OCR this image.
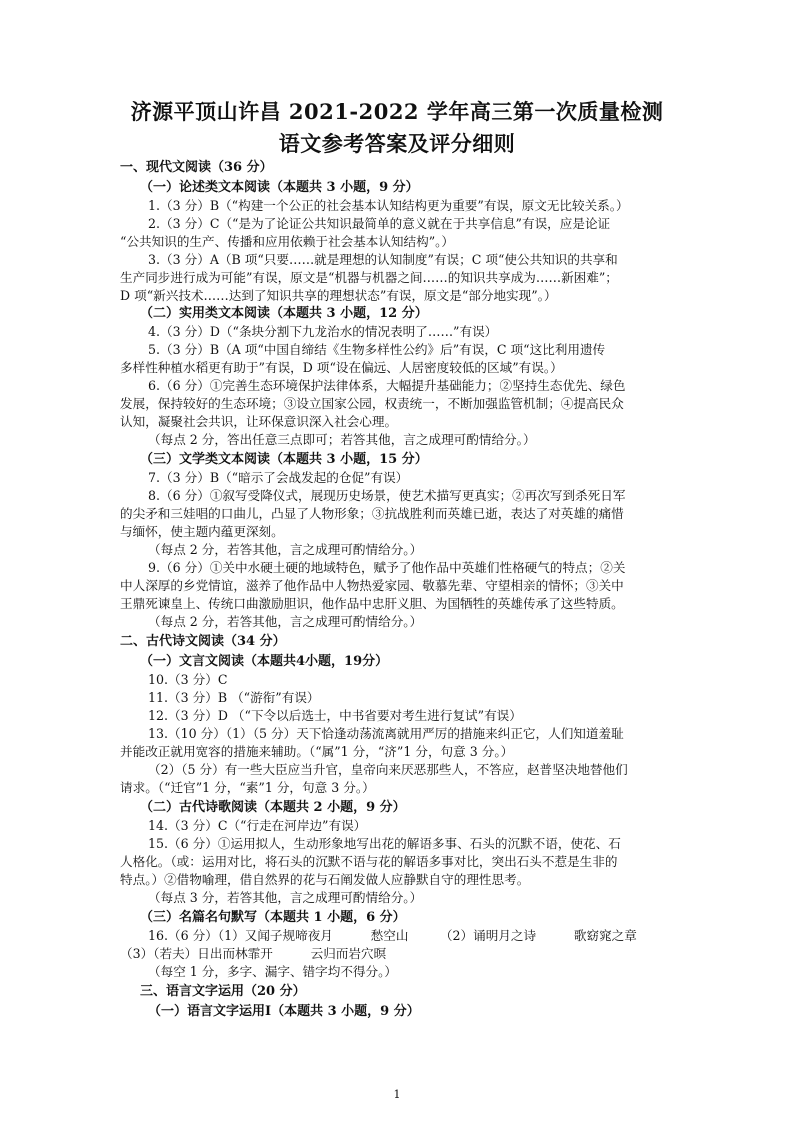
济源平顶山许昌 2021-2022 学年高三第一次质量检测
语文参考答案及评分细则
一、现代文阅读（36 分）
（一）论述类文本阅读（本题共 3 小题，9 分）
1.（3 分）B（“构建一个公正的社会基本认知结构更为重要”有误，原文无比较关系。）
2.（3 分）C（“是为了论证公共知识最简单的意义就在于共享信息”有误，应是论证
“公共知识的生产、传播和应用依赖于社会基本认知结构”。）
3.（3 分）A（B 项“只要……就是理想的认知制度”有误；C 项“使公共知识的共享和
生产同步进行成为可能”有误，原文是“机器与机器之间……的知识共享成为……新困难”；
D 项“新兴技术……达到了知识共享的理想状态”有误，原文是“部分地实现”。）
（二）实用类文本阅读（本题共 3 小题，12 分）
4.（3 分）D（“条块分割下九龙治水的情况表明了……”有误）
5.（3 分）B（A 项“中国自缔结《生物多样性公约》后”有误，C 项“这比利用遗传
多样性种植水稻更有助于”有误，D 项“设在偏远、人居密度较低的区域”有误。）
6.（6 分）①完善生态环境保护法律体系，大幅提升基础能力；②坚持生态优先、绿色
发展，保持较好的生态环境；③设立国家公园，权责统一，不断加强监管机制；④提高民众
认知，凝聚社会共识，让环保意识深入社会心理。
（每点 2 分，答出任意三点即可；若答其他，言之成理可酌情给分。）
（三）文学类文本阅读（本题共 3 小题，15 分）
7.（3 分）B（“暗示了会战发起的仓促”有误）
8.（6 分）①叙写受降仪式，展现历史场景，使艺术描写更真实；②再次写到杀死日军
的尖矛和三娃唱的口曲儿，凸显了人物形象；③抗战胜利而英雄已逝，表达了对英雄的痛惜
与缅怀，使主题内蕴更深刻。
（每点 2 分，若答其他，言之成理可酌情给分。）
9.（6 分）①关中水硬土硬的地域特色，赋予了他作品中英雄们性格硬气的特点；②关
中人深厚的乡党情谊，滋养了他作品中人物热爱家园、敬慕先辈、守望相亲的情怀；③关中
王鼎死谏皇上、传统口曲激励胆识，他作品中忠肝义胆、为国牺牲的英雄传承了这些特质。
（每点 2 分，若答其他，言之成理可酌情给分。）
二、古代诗文阅读（34 分）
（一）文言文阅读（本题共4小题，19分）
10.（3 分）C
11.（3 分）B （“游衔”有误）
12.（3 分）D （“下令以后选士，中书省要对考生进行复试”有误）
13.（10 分）（1）（5 分）天下恰逢动荡流离就用严厉的措施来纠正它，人们知道羞耻
并能改正就用宽容的措施来辅助。（“属”1 分，“济”1 分，句意 3 分。）
（2）（5 分）有一些大臣应当升官，皇帝向来厌恶那些人，不答应，赵普坚决地替他们
请求。（“迁官”1 分，“素”1 分，句意 3 分。）
（二）古代诗歌阅读（本题共 2 小题，9 分）
14.（3 分）C（“行走在河岸边”有误）
15.（6 分）①运用拟人，生动形象地写出花的解语多事、石头的沉默不语，使花、石
人格化。（或：运用对比，将石头的沉默不语与花的解语多事对比，突出石头不惹是生非的
特点。）②借物喻理，借自然界的花与石阐发做人应静默自守的理性思考。
（每点 3 分，若答其他，言之成理可酌情给分。）
（三）名篇名句默写（本题共 1 小题，6 分）
16.（6 分）（1）又闻子规啼夜月　　　愁空山　　　（2）诵明月之诗　　　歌窈窕之章
（3）（若夫）日出而林霏开　　　云归而岩穴暝
（每空 1 分，多字、漏字、错字均不得分。）
三、语言文字运用（20 分）
（一）语言文字运用Ⅰ（本题共 3 小题，9 分）
1
